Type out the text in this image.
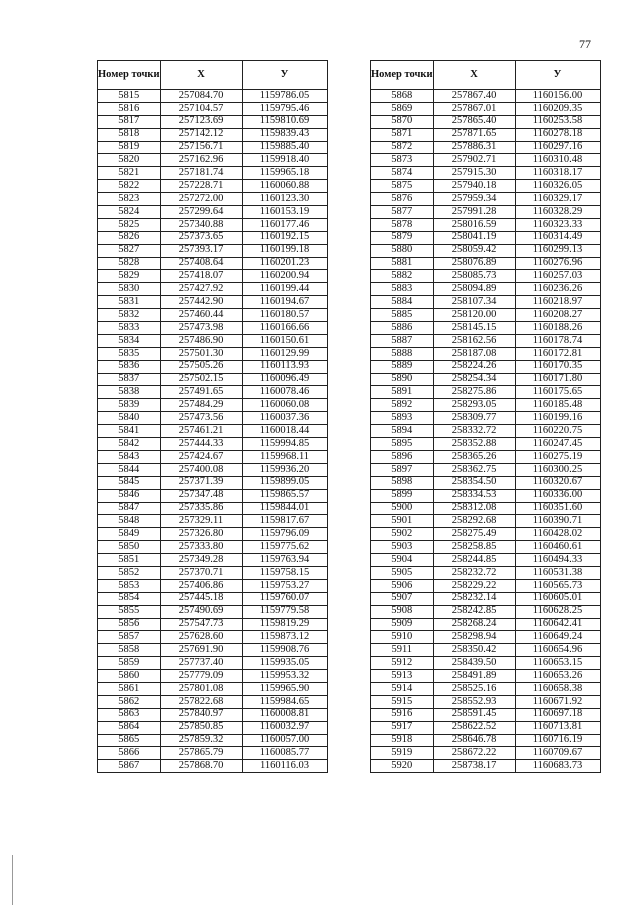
77
Номер точки	Х	У
5815	257084.70	1159786.05
5816	257104.57	1159795.46
5817	257123.69	1159810.69
5818	257142.12	1159839.43
5819	257156.71	1159885.40
5820	257162.96	1159918.40
5821	257181.74	1159965.18
5822	257228.71	1160060.88
5823	257272.00	1160123.30
5824	257299.64	1160153.19
5825	257340.88	1160177.46
5826	257373.65	1160192.15
5827	257393.17	1160199.18
5828	257408.64	1160201.23
5829	257418.07	1160200.94
5830	257427.92	1160199.44
5831	257442.90	1160194.67
5832	257460.44	1160180.57
5833	257473.98	1160166.66
5834	257486.90	1160150.61
5835	257501.30	1160129.99
5836	257505.26	1160113.93
5837	257502.15	1160096.49
5838	257491.65	1160078.46
5839	257484.29	1160060.08
5840	257473.56	1160037.36
5841	257461.21	1160018.44
5842	257444.33	1159994.85
5843	257424.67	1159968.11
5844	257400.08	1159936.20
5845	257371.39	1159899.05
5846	257347.48	1159865.57
5847	257335.86	1159844.01
5848	257329.11	1159817.67
5849	257326.80	1159796.09
5850	257333.80	1159775.62
5851	257349.28	1159763.94
5852	257370.71	1159758.15
5853	257406.86	1159753.27
5854	257445.18	1159760.07
5855	257490.69	1159779.58
5856	257547.73	1159819.29
5857	257628.60	1159873.12
5858	257691.90	1159908.76
5859	257737.40	1159935.05
5860	257779.09	1159953.32
5861	257801.08	1159965.90
5862	257822.68	1159984.65
5863	257840.97	1160008.81
5864	257850.85	1160032.97
5865	257859.32	1160057.00
5866	257865.79	1160085.77
5867	257868.70	1160116.03
Номер точки	Х	У
5868	257867.40	1160156.00
5869	257867.01	1160209.35
5870	257865.40	1160253.58
5871	257871.65	1160278.18
5872	257886.31	1160297.16
5873	257902.71	1160310.48
5874	257915.30	1160318.17
5875	257940.18	1160326.05
5876	257959.34	1160329.17
5877	257991.28	1160328.29
5878	258016.59	1160323.33
5879	258041.19	1160314.49
5880	258059.42	1160299.13
5881	258076.89	1160276.96
5882	258085.73	1160257.03
5883	258094.89	1160236.26
5884	258107.34	1160218.97
5885	258120.00	1160208.27
5886	258145.15	1160188.26
5887	258162.56	1160178.74
5888	258187.08	1160172.81
5889	258224.26	1160170.35
5890	258254.34	1160171.80
5891	258275.86	1160175.65
5892	258293.05	1160185.48
5893	258309.77	1160199.16
5894	258332.72	1160220.75
5895	258352.88	1160247.45
5896	258365.26	1160275.19
5897	258362.75	1160300.25
5898	258354.50	1160320.67
5899	258334.53	1160336.00
5900	258312.08	1160351.60
5901	258292.68	1160390.71
5902	258275.49	1160428.02
5903	258258.85	1160460.61
5904	258244.85	1160494.33
5905	258232.72	1160531.38
5906	258229.22	1160565.73
5907	258232.14	1160605.01
5908	258242.85	1160628.25
5909	258268.24	1160642.41
5910	258298.94	1160649.24
5911	258350.42	1160654.96
5912	258439.50	1160653.15
5913	258491.89	1160653.26
5914	258525.16	1160658.38
5915	258552.93	1160671.92
5916	258591.45	1160697.18
5917	258622.52	1160713.81
5918	258646.78	1160716.19
5919	258672.22	1160709.67
5920	258738.17	1160683.73
